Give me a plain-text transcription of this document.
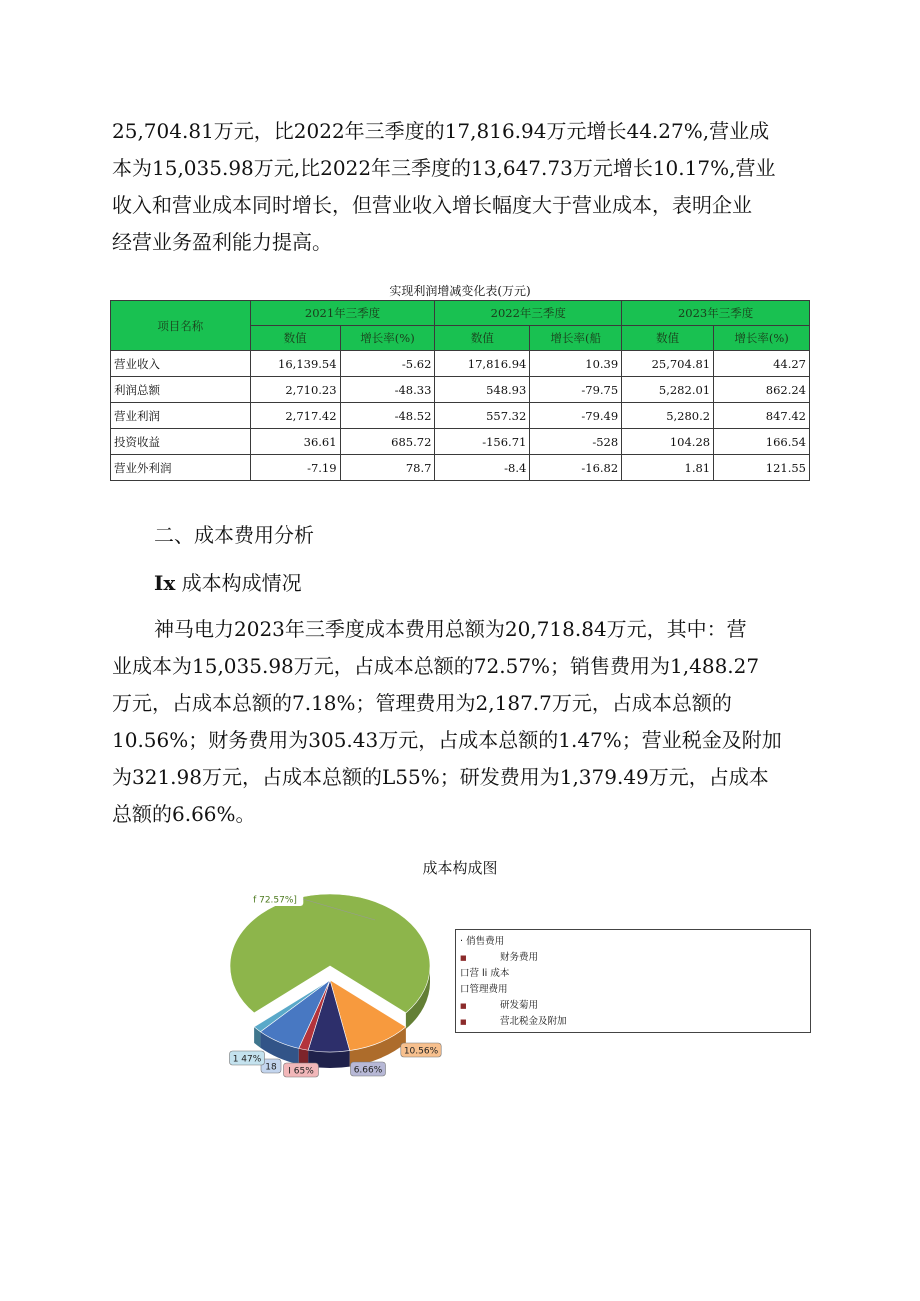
25,704.81万元，比2022年三季度的17,816.94万元增长44.27%,营业成
本为15,035.98万元,比2022年三季度的13,647.73万元增长10.17%,营业
收入和营业成本同时增长，但营业收入增长幅度大于营业成本，表明企业
经营业务盈利能力提高。
实现利润增减变化表(万元)
项目名称	2021年三季度		2022年三季度		2023年三季度	
	数值	增长率(%)	数值	增长率(船	数值	增长率(%)
营业收入	16,139.54	-5.62	17,816.94	10.39	25,704.81	44.27
利润总额	2,710.23	-48.33	548.93	-79.75	5,282.01	862.24
营业利润	2,717.42	-48.52	557.32	-79.49	5,280.2	847.42
投资收益	36.61	685.72	-156.71	-528	104.28	166.54
营业外利润	-7.19	78.7	-8.4	-16.82	1.81	121.55
二、成本费用分析
Ix 成本构成情况
神马电力2023年三季度成本费用总额为20,718.84万元，其中：营
业成本为15,035.98万元，占成本总额的72.57%；销售费用为1,488.27
万元，占成本总额的7.18%；管理费用为2,187.7万元，占成本总额的
10.56%；财务费用为305.43万元，占成本总额的1.47%；营业税金及附加
为321.98万元，占成本总额的L55%；研发费用为1,379.49万元，占成本
总额的6.66%。
成本构成图
f 72.57%]
10.56%
6.66%
I 65%
18
1 47%
· 俏售费用
■	财务费用
口营 li 成本
口管理费用
■	研发菊用
■	营北税金及附加
